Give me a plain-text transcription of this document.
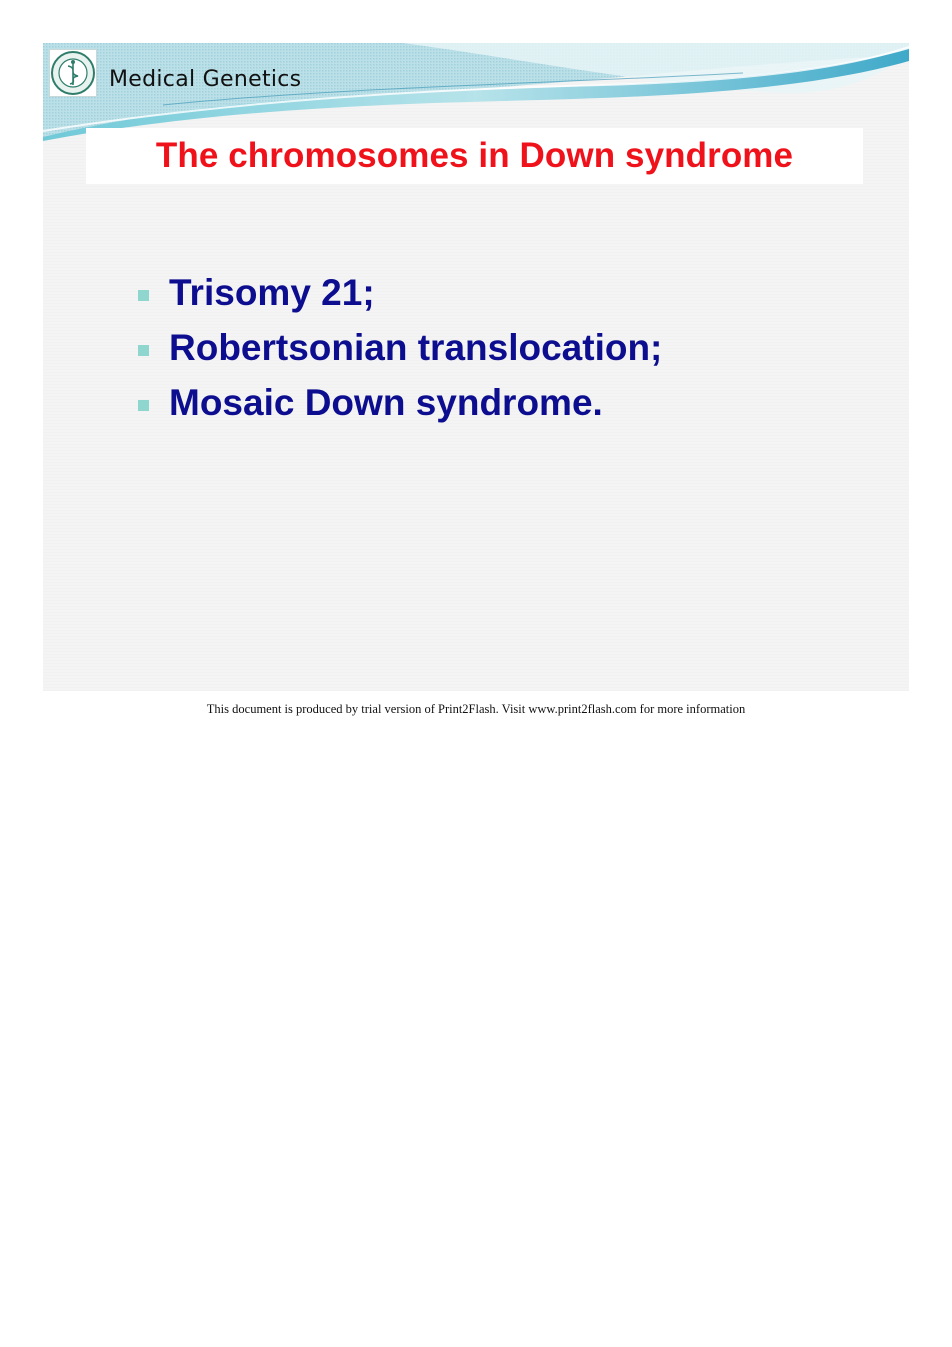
Medical Genetics
The chromosomes in Down syndrome
Trisomy 21;
Robertsonian translocation;
Mosaic Down syndrome.
This document is produced by trial version of Print2Flash. Visit www.print2flash.com for more information
